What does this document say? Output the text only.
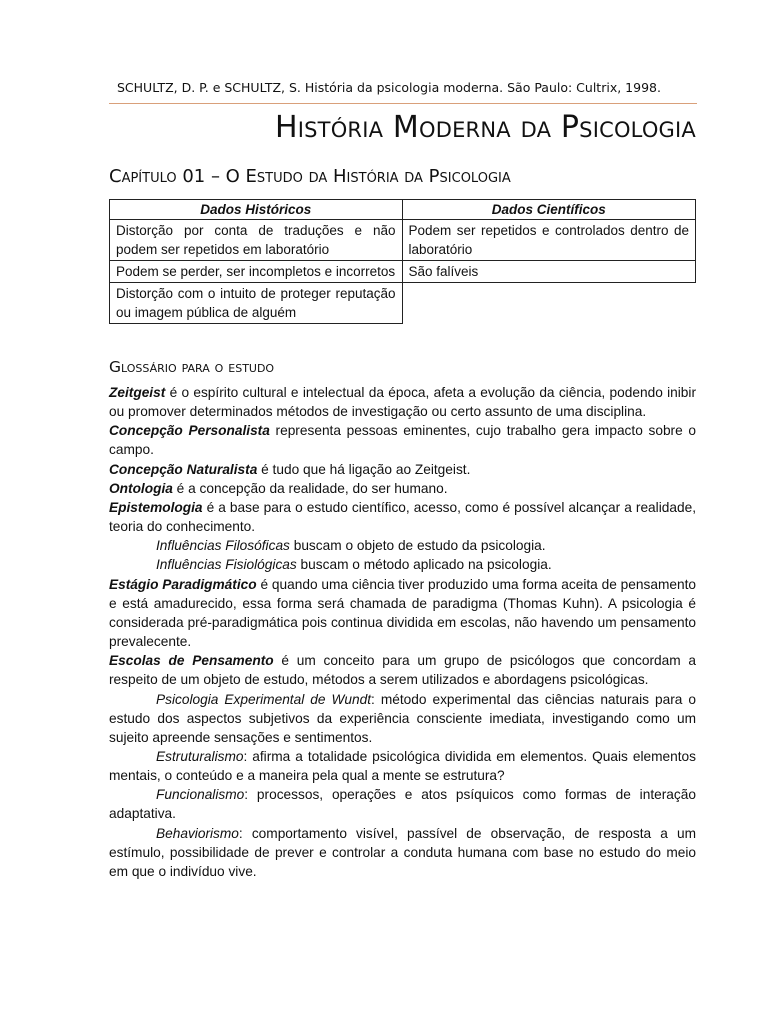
SCHULTZ, D. P. e SCHULTZ, S. História da psicologia moderna. São Paulo: Cultrix, 1998.
História Moderna da Psicologia
Capítulo 01 – O Estudo da História da Psicologia
Dados Históricos	Dados Científicos
Distorção por conta de traduções e não podem ser repetidos em laboratório	Podem ser repetidos e controlados dentro de laboratório
Podem se perder, ser incompletos e incorretos	São falíveis
Distorção com o intuito de proteger reputação ou imagem pública de alguém	
Glossário para o estudo

Zeitgeist é o espírito cultural e intelectual da época, afeta a evolução da ciência, podendo inibir ou promover determinados métodos de investigação ou certo assunto de uma disciplina.

Concepção Personalista representa pessoas eminentes, cujo trabalho gera impacto sobre o campo.

Concepção Naturalista é tudo que há ligação ao Zeitgeist.

Ontologia é a concepção da realidade, do ser humano.

Epistemologia é a base para o estudo científico, acesso, como é possível alcançar a realidade, teoria do conhecimento.

Influências Filosóficas buscam o objeto de estudo da psicologia.

Influências Fisiológicas buscam o método aplicado na psicologia.

Estágio Paradigmático é quando uma ciência tiver produzido uma forma aceita de pensamento e está amadurecido, essa forma será chamada de paradigma (Thomas Kuhn). A psicologia é considerada pré-paradigmática pois continua dividida em escolas, não havendo um pensamento prevalecente.

Escolas de Pensamento é um conceito para um grupo de psicólogos que concordam a respeito de um objeto de estudo, métodos a serem utilizados e abordagens psicológicas.

Psicologia Experimental de Wundt: método experimental das ciências naturais para o estudo dos aspectos subjetivos da experiência consciente imediata, investigando como um sujeito apreende sensações e sentimentos.

Estruturalismo: afirma a totalidade psicológica dividida em elementos. Quais elementos mentais, o conteúdo e a maneira pela qual a mente se estrutura?

Funcionalismo: processos, operações e atos psíquicos como formas de interação adaptativa.

Behaviorismo: comportamento visível, passível de observação, de resposta a um estímulo, possibilidade de prever e controlar a conduta humana com base no estudo do meio em que o indivíduo vive.
